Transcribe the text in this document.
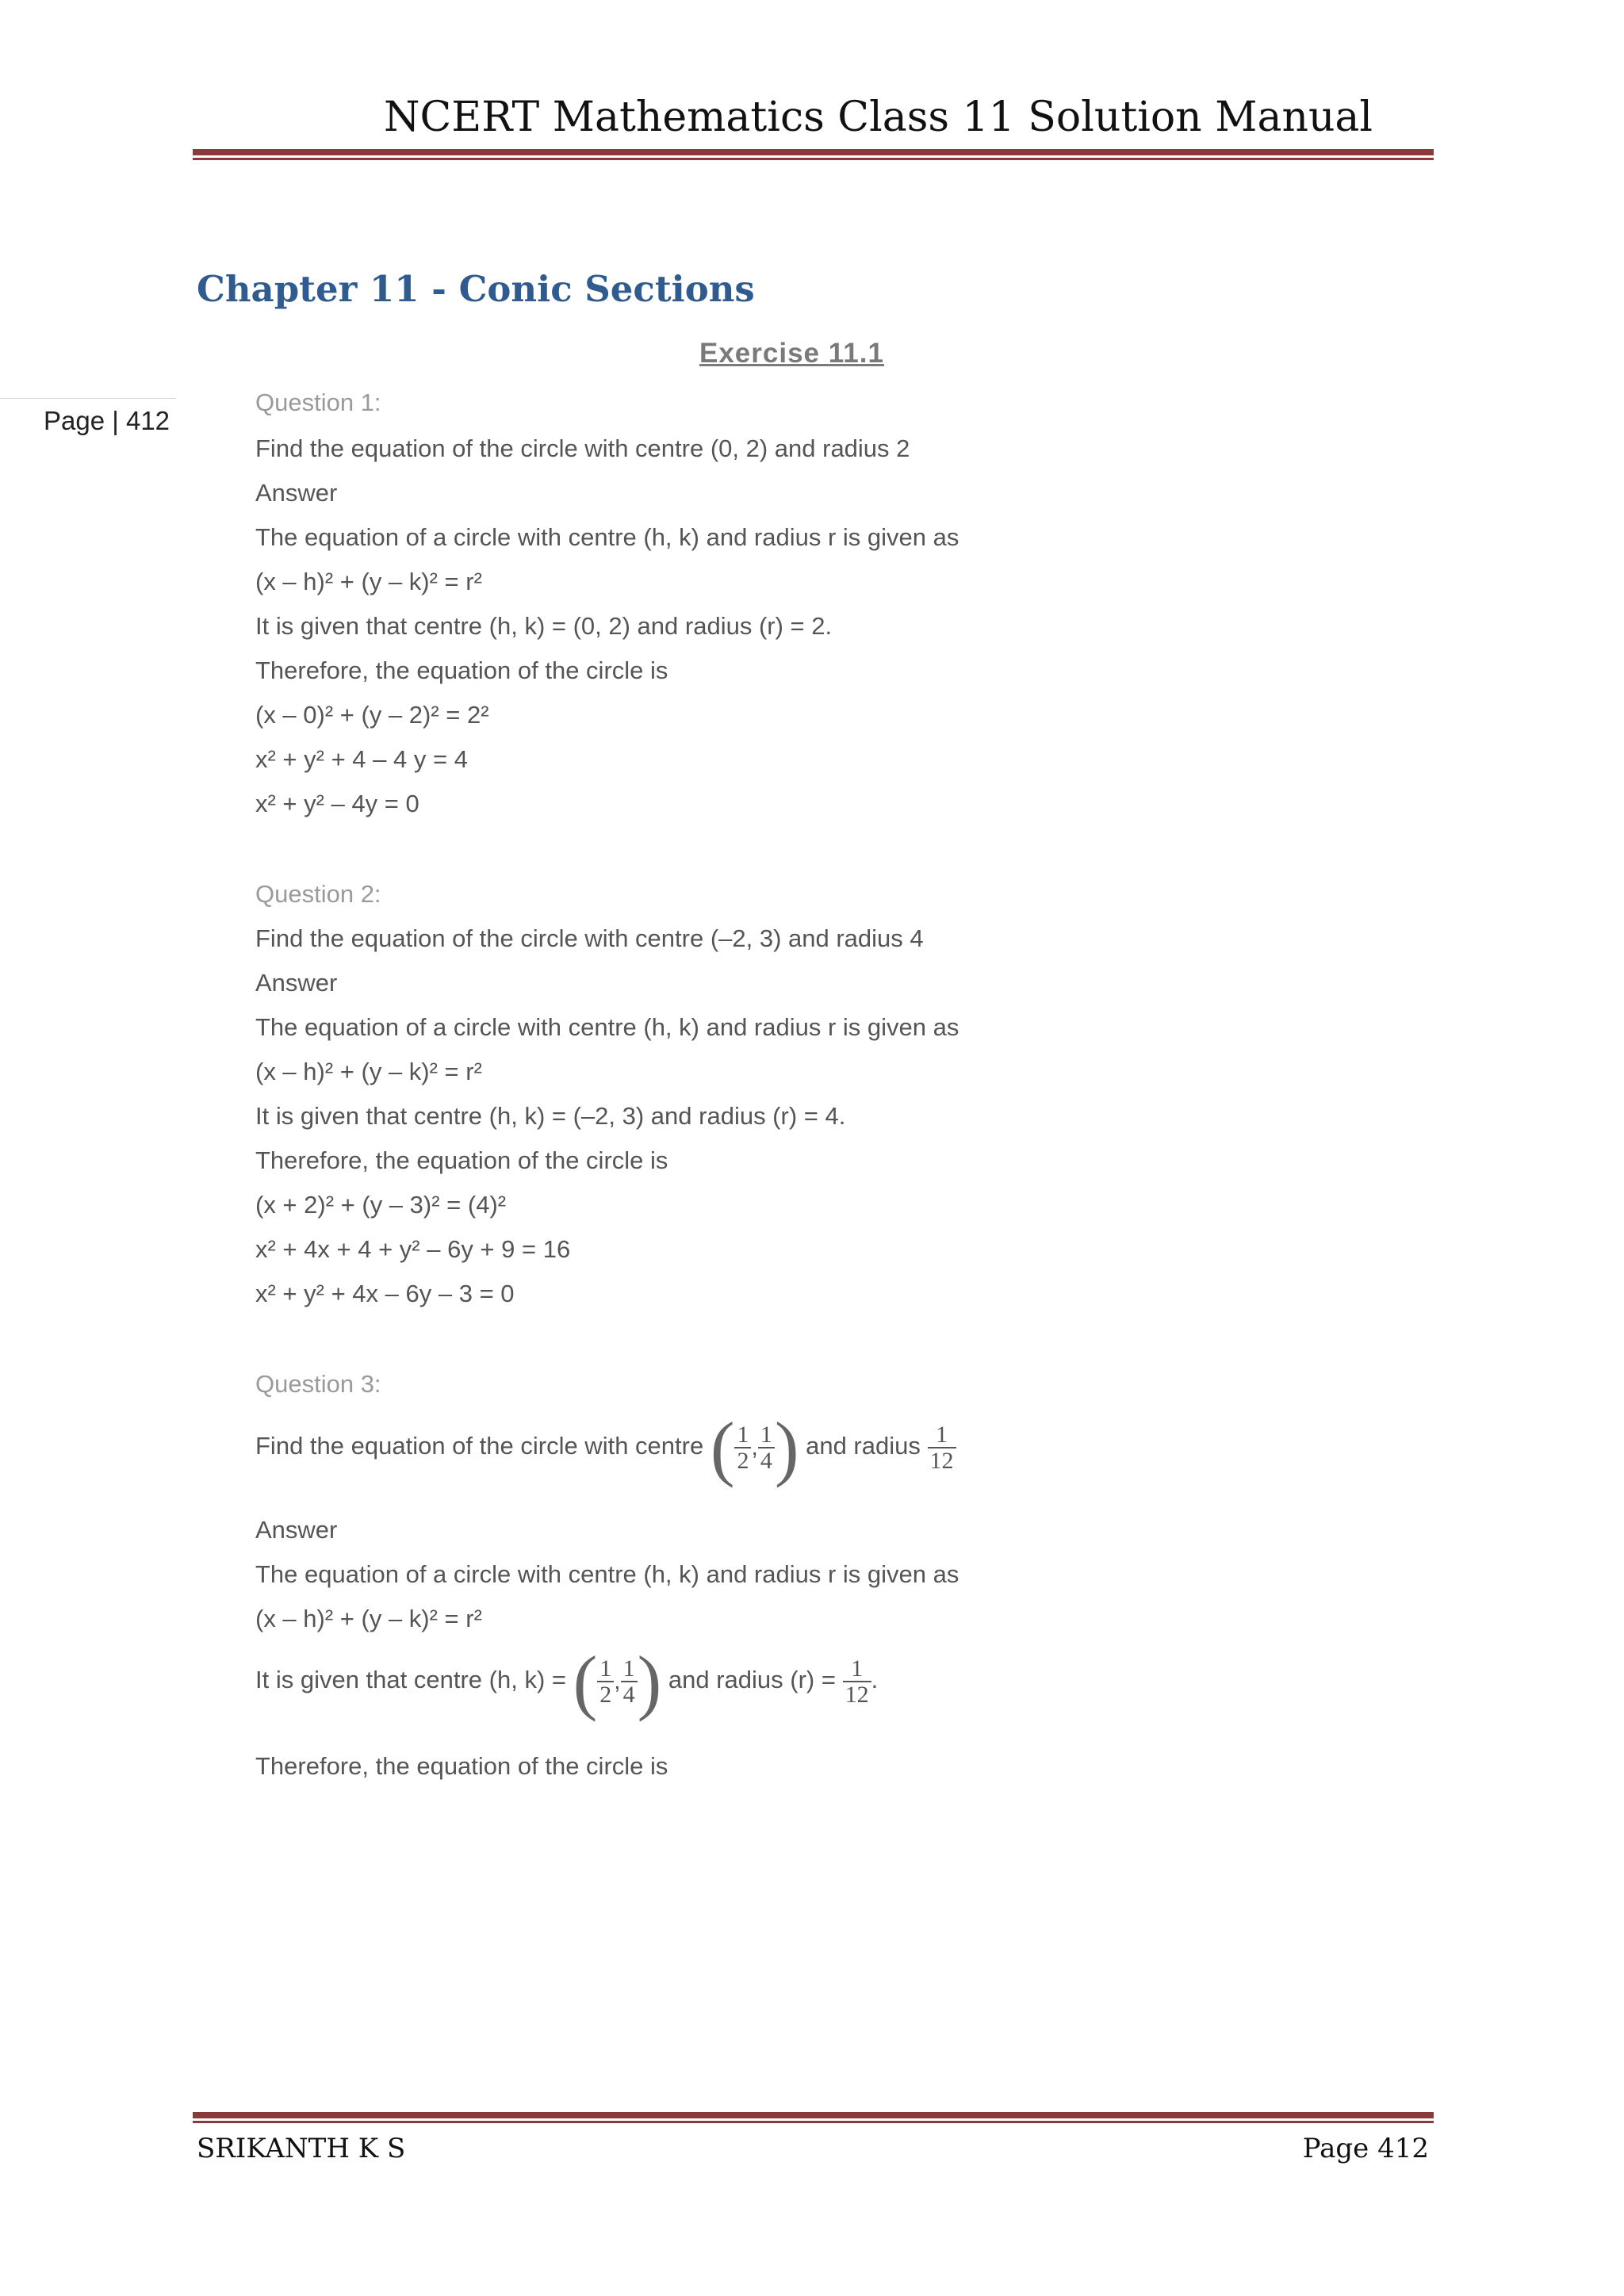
NCERT Mathematics Class 11 Solution Manual
Chapter 11 - Conic Sections
Page | 412
Exercise 11.1
Question 1:
Find the equation of the circle with centre (0, 2) and radius 2
Answer
The equation of a circle with centre (h, k) and radius r is given as
(x – h)² + (y – k)² = r²
It is given that centre (h, k) = (0, 2) and radius (r) = 2.
Therefore, the equation of the circle is
(x – 0)² + (y – 2)² = 2²
x² + y² + 4 – 4 y = 4
x² + y² – 4y = 0
Question 2:
Find the equation of the circle with centre (–2, 3) and radius 4
Answer
The equation of a circle with centre (h, k) and radius r is given as
(x – h)² + (y – k)² = r²
It is given that centre (h, k) = (–2, 3) and radius (r) = 4.
Therefore, the equation of the circle is
(x + 2)² + (y – 3)² = (4)²
x² + 4x + 4 + y² – 6y + 9 = 16
x² + y² + 4x – 6y – 3 = 0
Question 3:
Find the equation of the circle with centre ( $\frac{1}{2}$ , $\frac{1}{4}$ ) and radius $\frac{1}{12}$
Answer
The equation of a circle with centre (h, k) and radius r is given as
(x – h)² + (y – k)² = r²
It is given that centre (h, k) = ( $\frac{1}{2}$ , $\frac{1}{4}$ ) and radius $(r) = \frac{1}{12}$ .
Therefore, the equation of the circle is
SRIKANTH K S	Page 412
